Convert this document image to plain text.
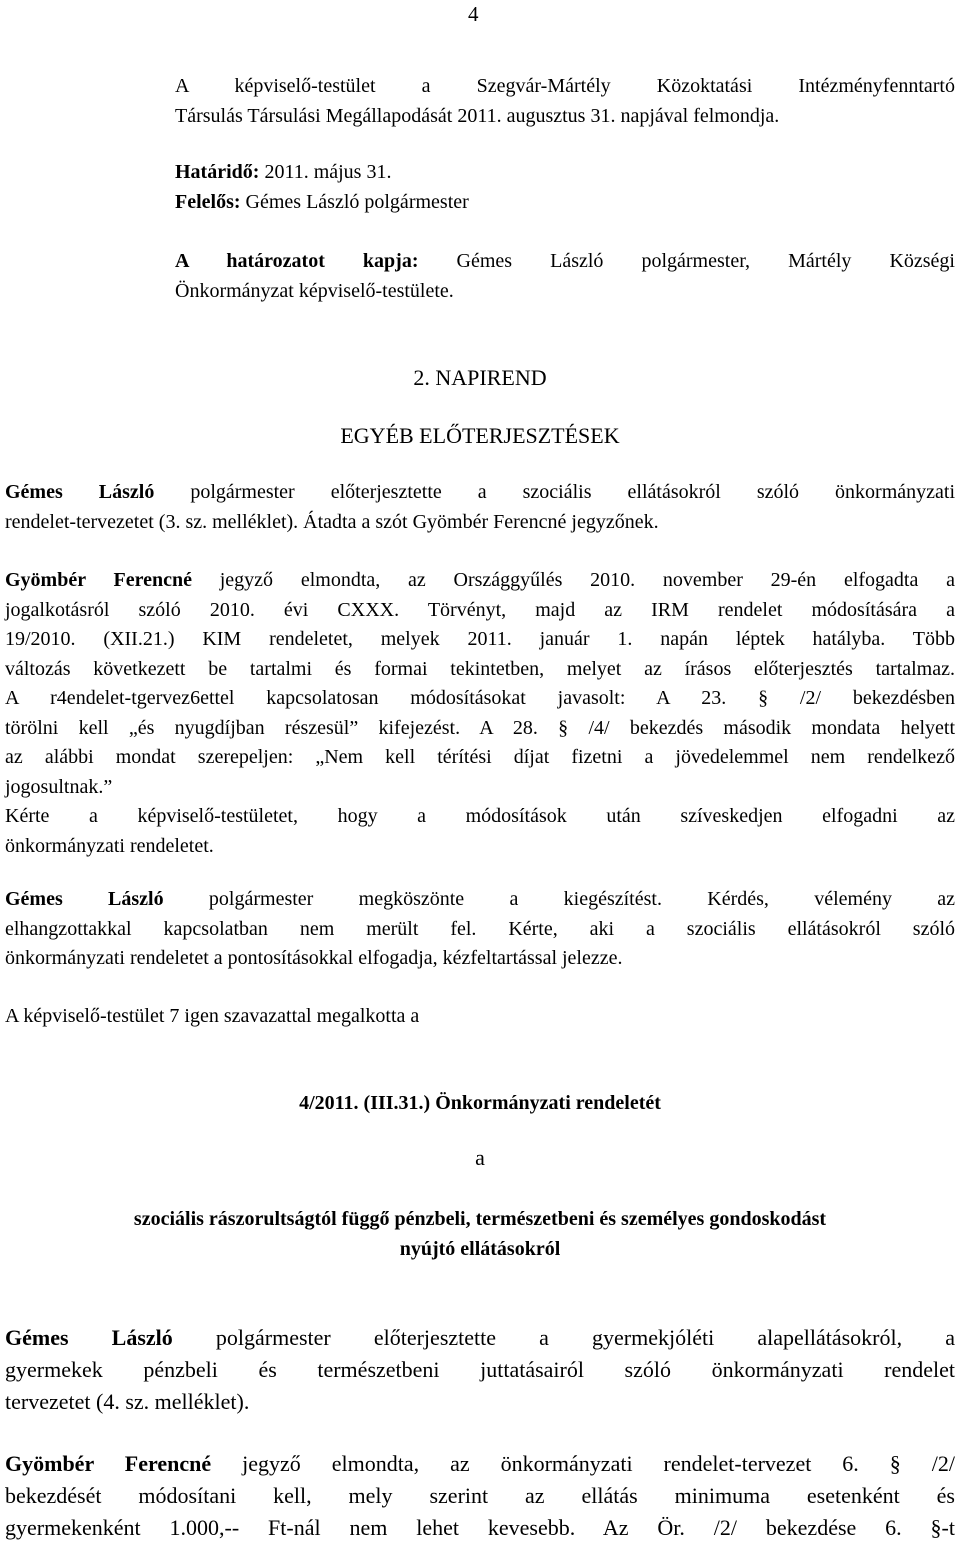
4
A képviselő-testület a Szegvár-Mártély Közoktatási Intézményfenntartó
Társulás Társulási Megállapodását 2011. augusztus 31. napjával felmondja.
Határidő: 2011. május 31.
Felelős: Gémes László polgármester
A határozatot kapja: Gémes László polgármester, Mártély Községi
Önkormányzat képviselő-testülete.
2. NAPIREND
EGYÉB ELŐTERJESZTÉSEK
Gémes László polgármester előterjesztette a szociális ellátásokról szóló önkormányzati
rendelet-tervezetet (3. sz. melléklet). Átadta a szót Gyömbér Ferencné jegyzőnek.
Gyömbér Ferencné jegyző elmondta, az Országgyűlés 2010. november 29-én elfogadta a
jogalkotásról szóló 2010. évi CXXX. Törvényt, majd az IRM rendelet módosítására a
19/2010. (XII.21.) KIM rendeletet, melyek 2011. január 1. napán léptek hatályba. Több
változás következett be tartalmi és formai tekintetben, melyet az írásos előterjesztés tartalmaz.
A r4endelet-tgervez6ettel kapcsolatosan módosításokat javasolt: A 23. § /2/ bekezdésben
törölni kell „és nyugdíjban részesül” kifejezést. A 28. § /4/ bekezdés második mondata helyett
az alábbi mondat szerepeljen: „Nem kell térítési díjat fizetni a jövedelemmel nem rendelkező
jogosultnak.”
Kérte a képviselő-testületet, hogy a módosítások után szíveskedjen elfogadni az
önkormányzati rendeletet.
Gémes László polgármester megköszönte a kiegészítést. Kérdés, vélemény az
elhangzottakkal kapcsolatban nem merült fel. Kérte, aki a szociális ellátásokról szóló
önkormányzati rendeletet a pontosításokkal elfogadja, kézfeltartással jelezze.
A képviselő-testület 7 igen szavazattal megalkotta a
4/2011. (III.31.) Önkormányzati rendeletét
a
szociális rászorultságtól függő pénzbeli, természetbeni és személyes gondoskodást
nyújtó ellátásokról
Gémes László polgármester előterjesztette a gyermekjóléti alapellátásokról, a
gyermekek pénzbeli és természetbeni juttatásairól szóló önkormányzati rendelet
tervezetet (4. sz. melléklet).
Gyömbér Ferencné jegyző elmondta, az önkormányzati rendelet-tervezet 6. § /2/
bekezdését módosítani kell, mely szerint az ellátás minimuma esetenként és
gyermekenként 1.000,-- Ft-nál nem lehet kevesebb. Az Ör. /2/ bekezdése 6. §-t
